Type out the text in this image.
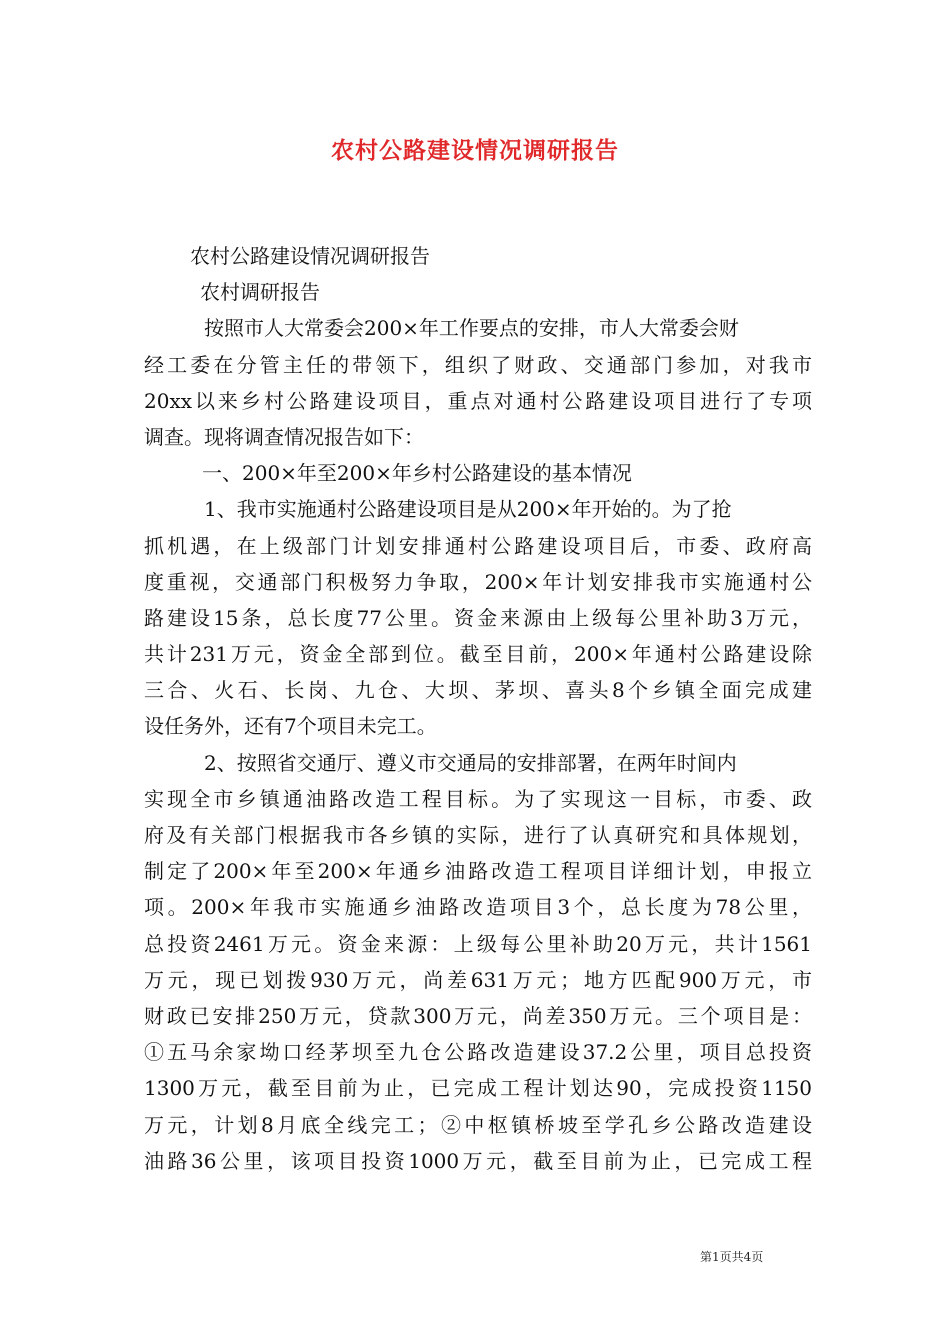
农村公路建设情况调研报告
农村公路建设情况调研报告
农村调研报告
按照市人大常委会200×年工作要点的安排，市人大常委会财
经工委在分管主任的带领下，组织了财政、交通部门参加，对我市
20xx以来乡村公路建设项目，重点对通村公路建设项目进行了专项
调查。现将调查情况报告如下：
一、200×年至200×年乡村公路建设的基本情况
1、我市实施通村公路建设项目是从200×年开始的。为了抢
抓机遇，在上级部门计划安排通村公路建设项目后，市委、政府高
度重视，交通部门积极努力争取，200×年计划安排我市实施通村公
路建设15条，总长度77公里。资金来源由上级每公里补助3万元，
共计231万元，资金全部到位。截至目前，200×年通村公路建设除
三合、火石、长岗、九仓、大坝、茅坝、喜头8个乡镇全面完成建
设任务外，还有7个项目未完工。
2、按照省交通厅、遵义市交通局的安排部署，在两年时间内
实现全市乡镇通油路改造工程目标。为了实现这一目标，市委、政
府及有关部门根据我市各乡镇的实际，进行了认真研究和具体规划，
制定了200×年至200×年通乡油路改造工程项目详细计划，申报立
项。200×年我市实施通乡油路改造项目3个，总长度为78公里，
总投资2461万元。资金来源：上级每公里补助20万元，共计1561
万元，现已划拨930万元，尚差631万元；地方匹配900万元，市
财政已安排250万元，贷款300万元，尚差350万元。三个项目是：
①五马余家坳口经茅坝至九仓公路改造建设37.2公里，项目总投资
1300万元，截至目前为止，已完成工程计划达90，完成投资1150
万元，计划8月底全线完工；②中枢镇桥坡至学孔乡公路改造建设
油路36公里，该项目投资1000万元，截至目前为止，已完成工程
第1页共4页
